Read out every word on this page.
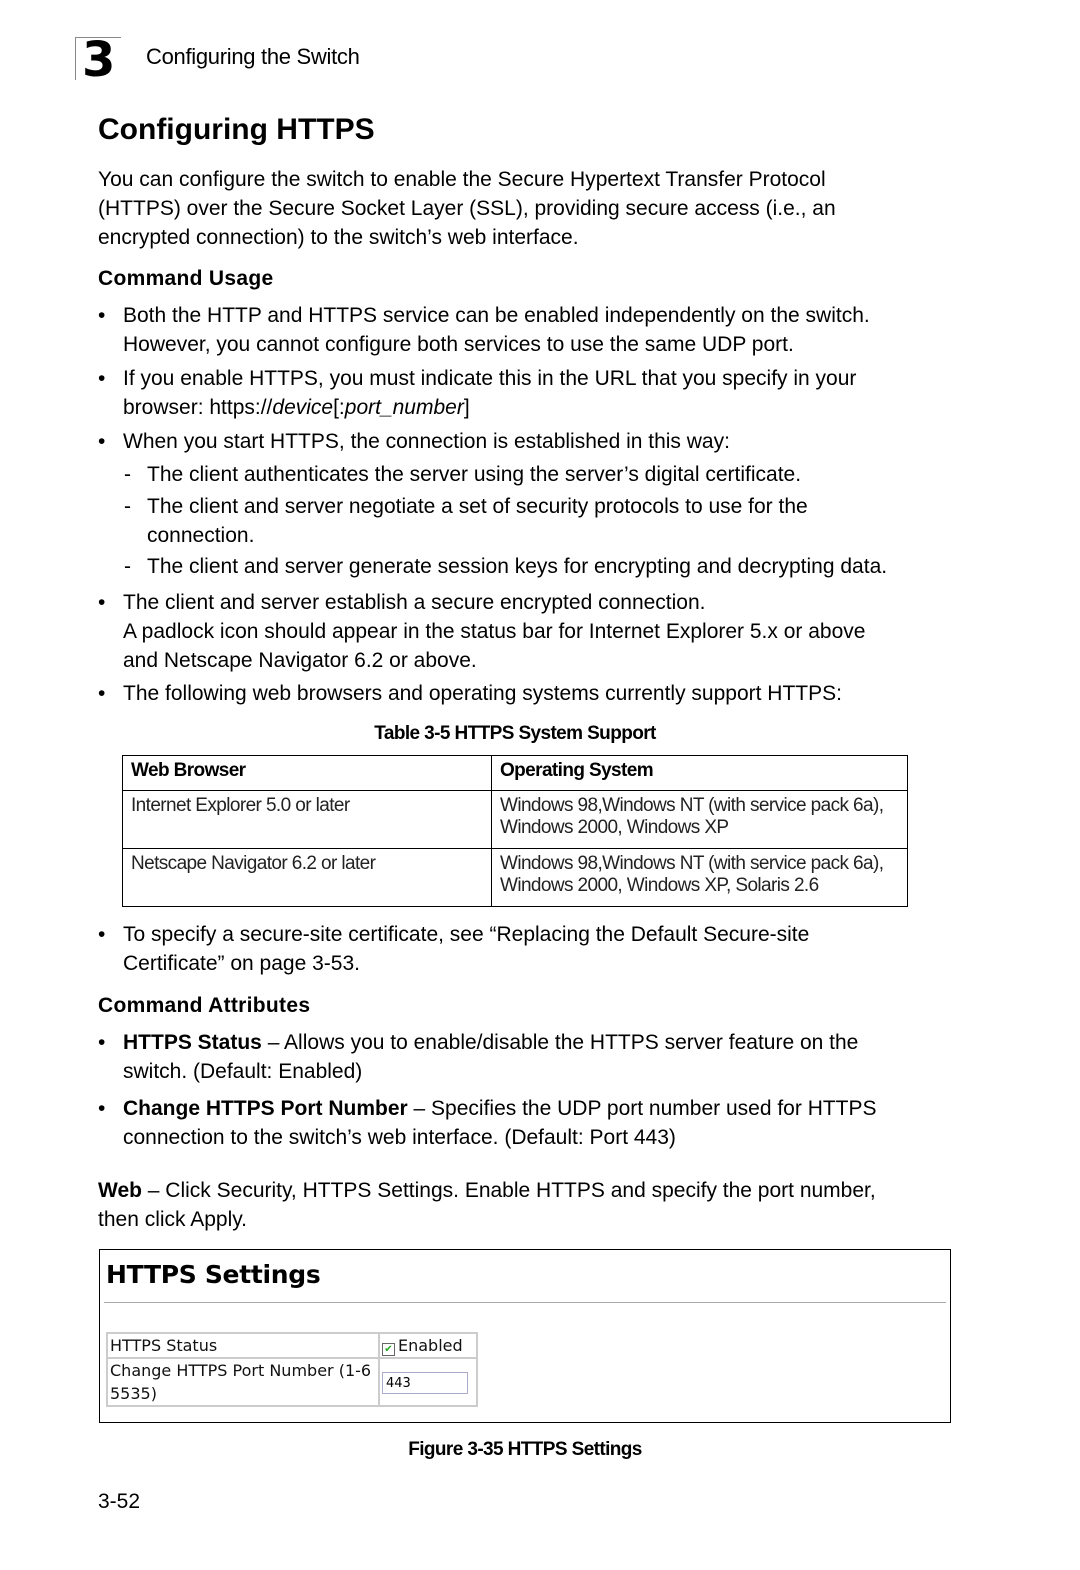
3 Configuring the Switch
Configuring HTTPS
You can configure the switch to enable the Secure Hypertext Transfer Protocol
(HTTPS) over the Secure Socket Layer (SSL), providing secure access (i.e., an
encrypted connection) to the switch’s web interface.
Command Usage
• Both the HTTP and HTTPS service can be enabled independently on the switch.
However, you cannot configure both services to use the same UDP port.
• If you enable HTTPS, you must indicate this in the URL that you specify in your
browser: https://device[:port_number]
• When you start HTTPS, the connection is established in this way:
- The client authenticates the server using the server’s digital certificate.
- The client and server negotiate a set of security protocols to use for the
connection.
- The client and server generate session keys for encrypting and decrypting data.
• The client and server establish a secure encrypted connection.
A padlock icon should appear in the status bar for Internet Explorer 5.x or above
and Netscape Navigator 6.2 or above.
• The following web browsers and operating systems currently support HTTPS:
Table 3-5 HTTPS System Support
Web Browser	Operating System
Internet Explorer 5.0 or later	Windows 98,Windows NT (with service pack 6a),
Windows 2000, Windows XP

Netscape Navigator 6.2 or later	Windows 98,Windows NT (with service pack 6a),
Windows 2000, Windows XP, Solaris 2.6
• To specify a secure-site certificate, see “Replacing the Default Secure-site
Certificate” on page 3-53.
Command Attributes
• HTTPS Status – Allows you to enable/disable the HTTPS server feature on the
switch. (Default: Enabled)
• Change HTTPS Port Number – Specifies the UDP port number used for HTTPS
connection to the switch’s web interface. (Default: Port 443)
Web – Click Security, HTTPS Settings. Enable HTTPS and specify the port number,
then click Apply.
HTTPS Settings
HTTPS Status	✔ Enabled
Change HTTPS Port Number (1-65535)	443
Figure 3-35 HTTPS Settings
3-52
